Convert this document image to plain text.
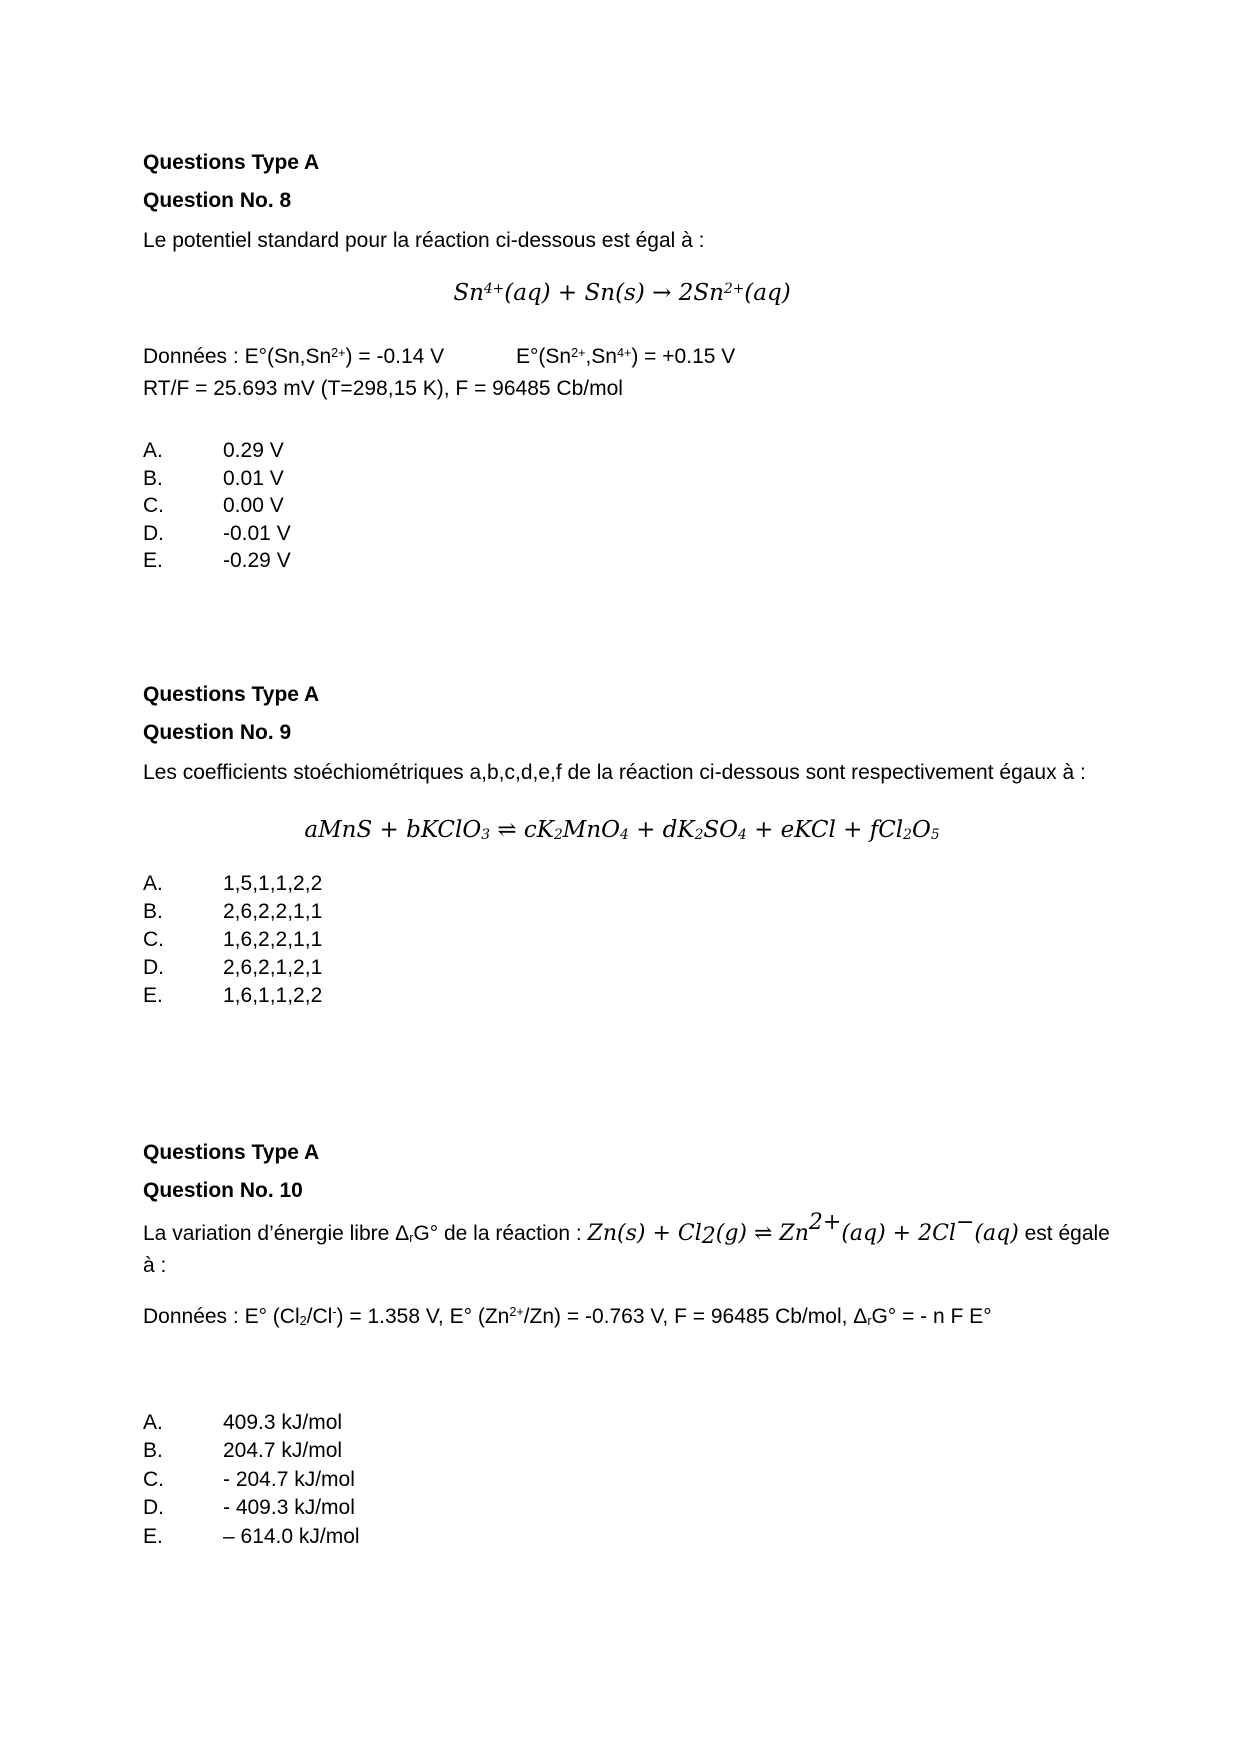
Questions Type A
Question No. 8
Le potentiel standard pour la réaction ci-dessous est égal à :
$Sn^{4+}(aq) + Sn(s) \to 2Sn^{2+}(aq)$
Données : $E^\circ(Sn,Sn^{2+}) = -0.14$ V	$E^\circ(Sn^{2+},Sn^{4+}) = +0.15$ V
RT/F = 25.693 mV (T=298,15 K), F = 96485 Cb/mol
A.	0.29 V
B.	0.01 V
C.	0.00 V
D.	-0.01 V
E.	-0.29 V
Questions Type A
Question No. 9
Les coefficients stoéchiométriques a,b,c,d,e,f de la réaction ci-dessous sont respectivement égaux à :
aMnS + bKClO$_3$ ⇌ $cK_2MnO_4 + dK_2SO_4$ + eKCl + $fCl_2O_5$
A.	1,5,1,1,2,2
B.	2,6,2,2,1,1
C.	1,6,2,2,1,1
D.	2,6,2,1,2,1
E.	1,6,1,1,2,2
Questions Type A
Question No. 10
La variation d’énergie libre $\Delta_rG^\circ$ de la réaction : $Zn(s) + Cl_2(g)$ ⇌ $Zn^{2+}(aq) + 2Cl^-(aq)$ est égale
à :
Données : E° $(Cl_2/Cl^-) = 1.358$ V, E° $(Zn^{2+}/Zn) = -0.763$ V, F = 96485 Cb/mol, $\Delta_rG^\circ$ = - n F E°
A.	409.3 kJ/mol
B.	204.7 kJ/mol
C.	- 204.7 kJ/mol
D.	- 409.3 kJ/mol
E.	– 614.0 kJ/mol
